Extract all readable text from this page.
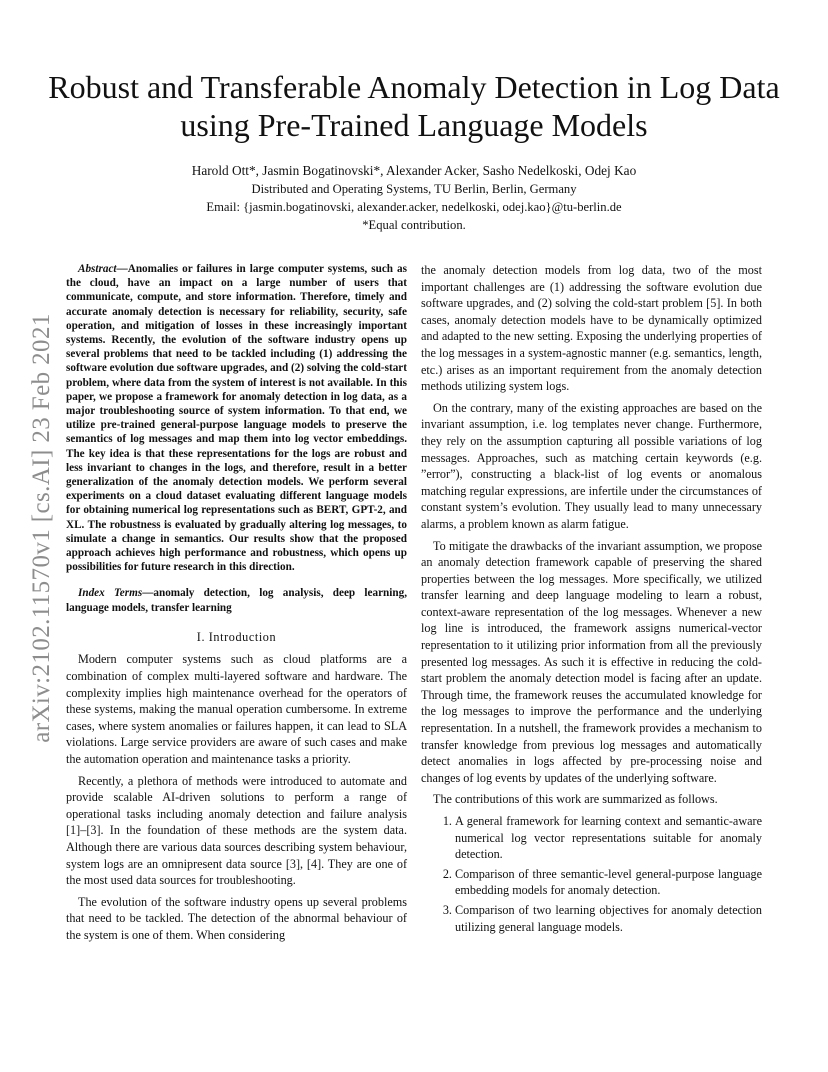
arXiv:2102.11570v1 [cs.AI] 23 Feb 2021
Robust and Transferable Anomaly Detection in Log Data using Pre-Trained Language Models
Harold Ott*, Jasmin Bogatinovski*, Alexander Acker, Sasho Nedelkoski, Odej Kao
Distributed and Operating Systems, TU Berlin, Berlin, Germany
Email: {jasmin.bogatinovski, alexander.acker, nedelkoski, odej.kao}@tu-berlin.de
*Equal contribution.

Abstract—Anomalies or failures in large computer systems, such as the cloud, have an impact on a large number of users that communicate, compute, and store information. Therefore, timely and accurate anomaly detection is necessary for reliability, security, safe operation, and mitigation of losses in these increasingly important systems. Recently, the evolution of the software industry opens up several problems that need to be tackled including (1) addressing the software evolution due software upgrades, and (2) solving the cold-start problem, where data from the system of interest is not available. In this paper, we propose a framework for anomaly detection in log data, as a major troubleshooting source of system information. To that end, we utilize pre-trained general-purpose language models to preserve the semantics of log messages and map them into log vector embeddings. The key idea is that these representations for the logs are robust and less invariant to changes in the logs, and therefore, result in a better generalization of the anomaly detection models. We perform several experiments on a cloud dataset evaluating different language models for obtaining numerical log representations such as BERT, GPT-2, and XL. The robustness is evaluated by gradually altering log messages, to simulate a change in semantics. Our results show that the proposed approach achieves high performance and robustness, which opens up possibilities for future research in this direction.

Index Terms—anomaly detection, log analysis, deep learning, language models, transfer learning

I. Introduction

Modern computer systems such as cloud platforms are a combination of complex multi-layered software and hardware. The complexity implies high maintenance overhead for the operators of these systems, making the manual operation cumbersome. In extreme cases, where system anomalies or failures happen, it can lead to SLA violations. Large service providers are aware of such cases and make the automation operation and maintenance tasks a priority.

Recently, a plethora of methods were introduced to automate and provide scalable AI-driven solutions to perform a range of operational tasks including anomaly detection and failure analysis [1]–[3]. In the foundation of these methods are the system data. Although there are various data sources describing system behaviour, system logs are an omnipresent data source [3], [4]. They are one of the most used data sources for troubleshooting.

The evolution of the software industry opens up several problems that need to be tackled. The detection of the abnormal behaviour of the system is one of them. When considering

the anomaly detection models from log data, two of the most important challenges are (1) addressing the software evolution due software upgrades, and (2) solving the cold-start problem [5]. In both cases, anomaly detection models have to be dynamically optimized and adapted to the new setting. Exposing the underlying properties of the log messages in a system-agnostic manner (e.g. semantics, length, etc.) arises as an important requirement from the anomaly detection methods utilizing system logs.

On the contrary, many of the existing approaches are based on the invariant assumption, i.e. log templates never change. Furthermore, they rely on the assumption capturing all possible variations of log messages. Approaches, such as matching certain keywords (e.g. ”error”), constructing a black-list of log events or anomalous matching regular expressions, are infertile under the circumstances of constant system’s evolution. They usually lead to many unnecessary alarms, a problem known as alarm fatigue.

To mitigate the drawbacks of the invariant assumption, we propose an anomaly detection framework capable of preserving the shared properties between the log messages. More specifically, we utilized transfer learning and deep language modeling to learn a robust, context-aware representation of the log messages. Whenever a new log line is introduced, the framework assigns numerical-vector representation to it utilizing prior information from all the previously presented log messages. As such it is effective in reducing the cold-start problem the anomaly detection model is facing after an update. Through time, the framework reuses the accumulated knowledge for the log messages to improve the performance and the underlying representation. In a nutshell, the framework provides a mechanism to transfer knowledge from previous log messages and automatically detect anomalies in logs affected by pre-processing noise and changes of log events by updates of the underlying software.

The contributions of this work are summarized as follows.

1. A general framework for learning context and semantic-aware numerical log vector representations suitable for anomaly detection.
2. Comparison of three semantic-level general-purpose language embedding models for anomaly detection.
3. Comparison of two learning objectives for anomaly detection utilizing general language models.
